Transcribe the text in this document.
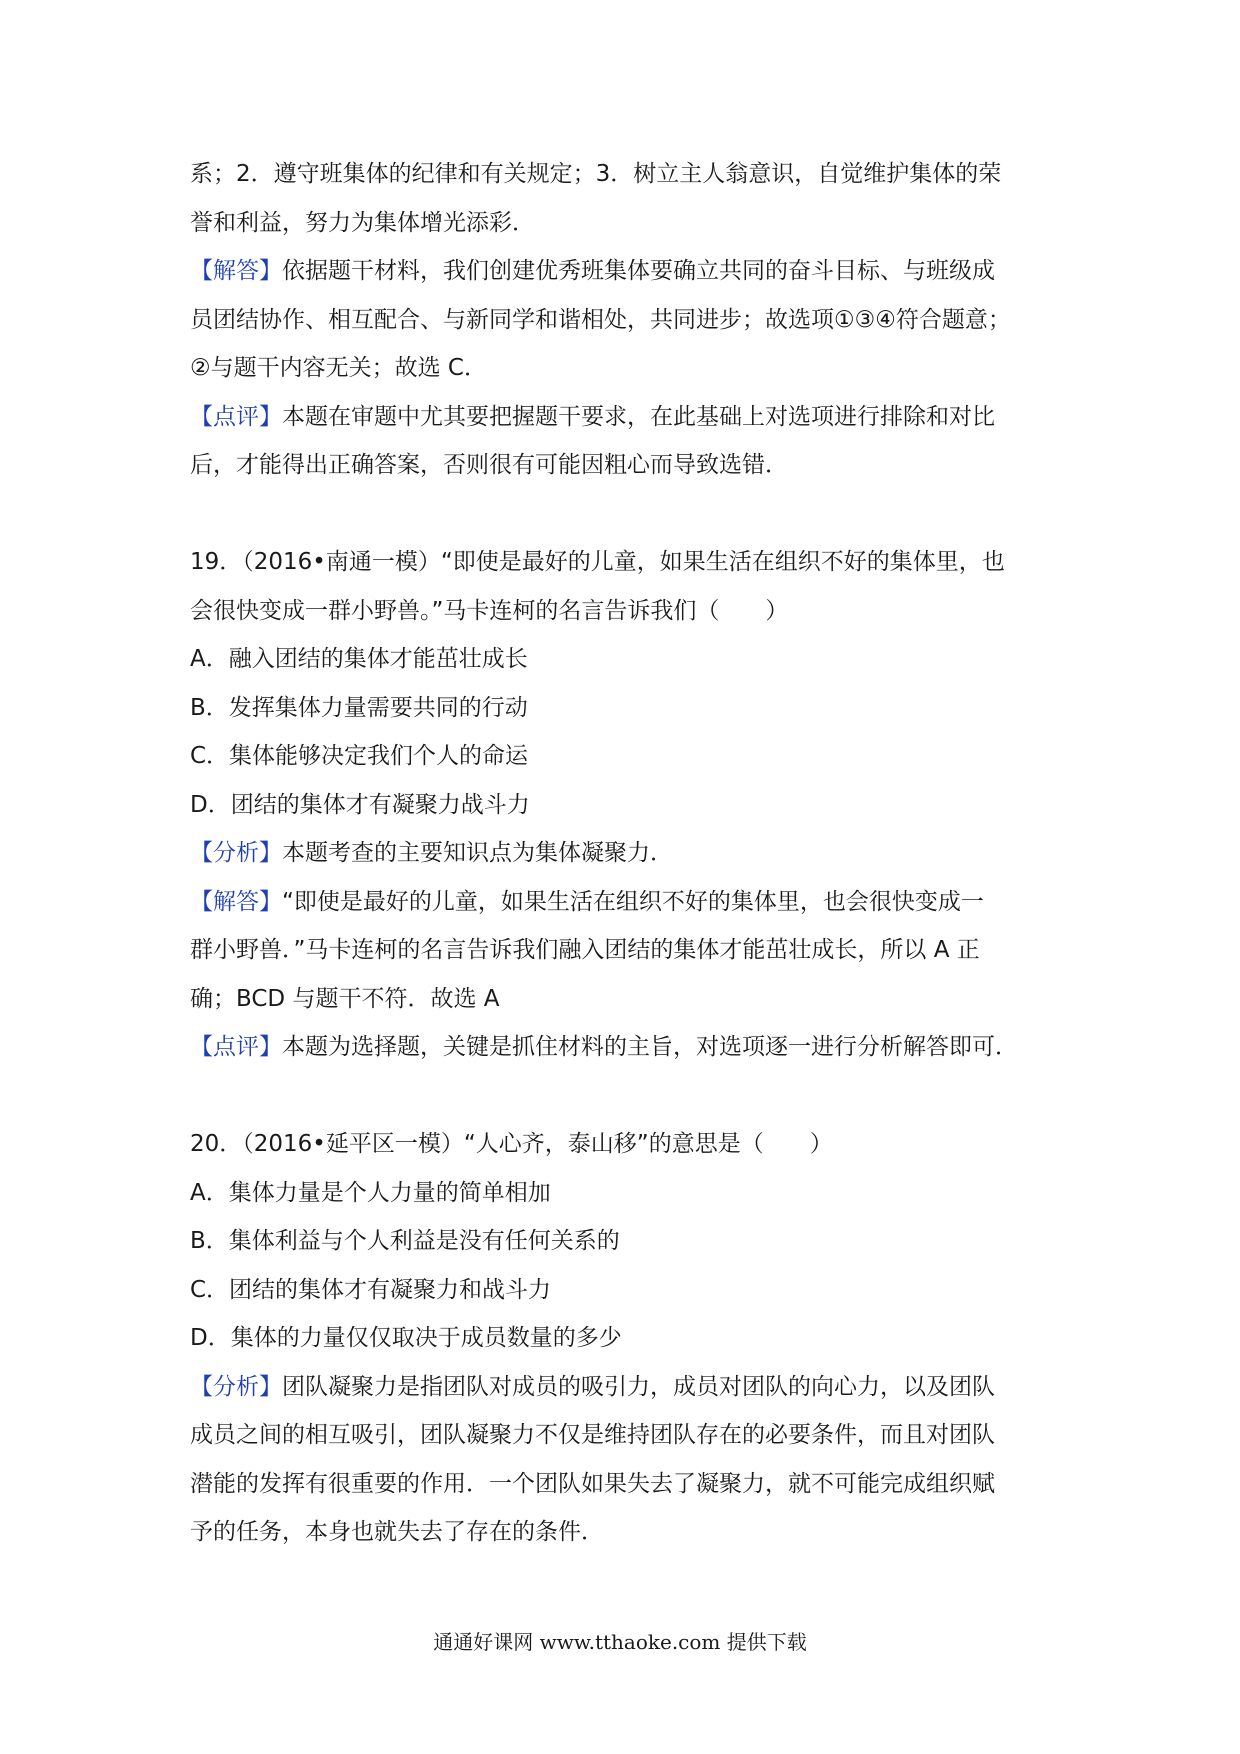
系；2．遵守班集体的纪律和有关规定；3．树立主人翁意识，自觉维护集体的荣
誉和利益，努力为集体增光添彩．
【解答】依据题干材料，我们创建优秀班集体要确立共同的奋斗目标、与班级成
员团结协作、相互配合、与新同学和谐相处，共同进步；故选项①③④符合题意；
②与题干内容无关；故选 C．
【点评】本题在审题中尤其要把握题干要求，在此基础上对选项进行排除和对比
后，才能得出正确答案，否则很有可能因粗心而导致选错．
19．（2016•南通一模）“即使是最好的儿童，如果生活在组织不好的集体里，也
会很快变成一群小野兽。”马卡连柯的名言告诉我们（　　）
A．融入团结的集体才能茁壮成长
B．发挥集体力量需要共同的行动
C．集体能够决定我们个人的命运
D．团结的集体才有凝聚力战斗力
【分析】本题考查的主要知识点为集体凝聚力．
【解答】“即使是最好的儿童，如果生活在组织不好的集体里，也会很快变成一
群小野兽．”马卡连柯的名言告诉我们融入团结的集体才能茁壮成长，所以 A 正
确；BCD 与题干不符．故选 A
【点评】本题为选择题，关键是抓住材料的主旨，对选项逐一进行分析解答即可．
20．（2016•延平区一模）“人心齐，泰山移”的意思是（　　）
A．集体力量是个人力量的简单相加
B．集体利益与个人利益是没有任何关系的
C．团结的集体才有凝聚力和战斗力
D．集体的力量仅仅取决于成员数量的多少
【分析】团队凝聚力是指团队对成员的吸引力，成员对团队的向心力，以及团队
成员之间的相互吸引，团队凝聚力不仅是维持团队存在的必要条件，而且对团队
潜能的发挥有很重要的作用．一个团队如果失去了凝聚力，就不可能完成组织赋
予的任务，本身也就失去了存在的条件．
通通好课网 www.tthaoke.com 提供下载
